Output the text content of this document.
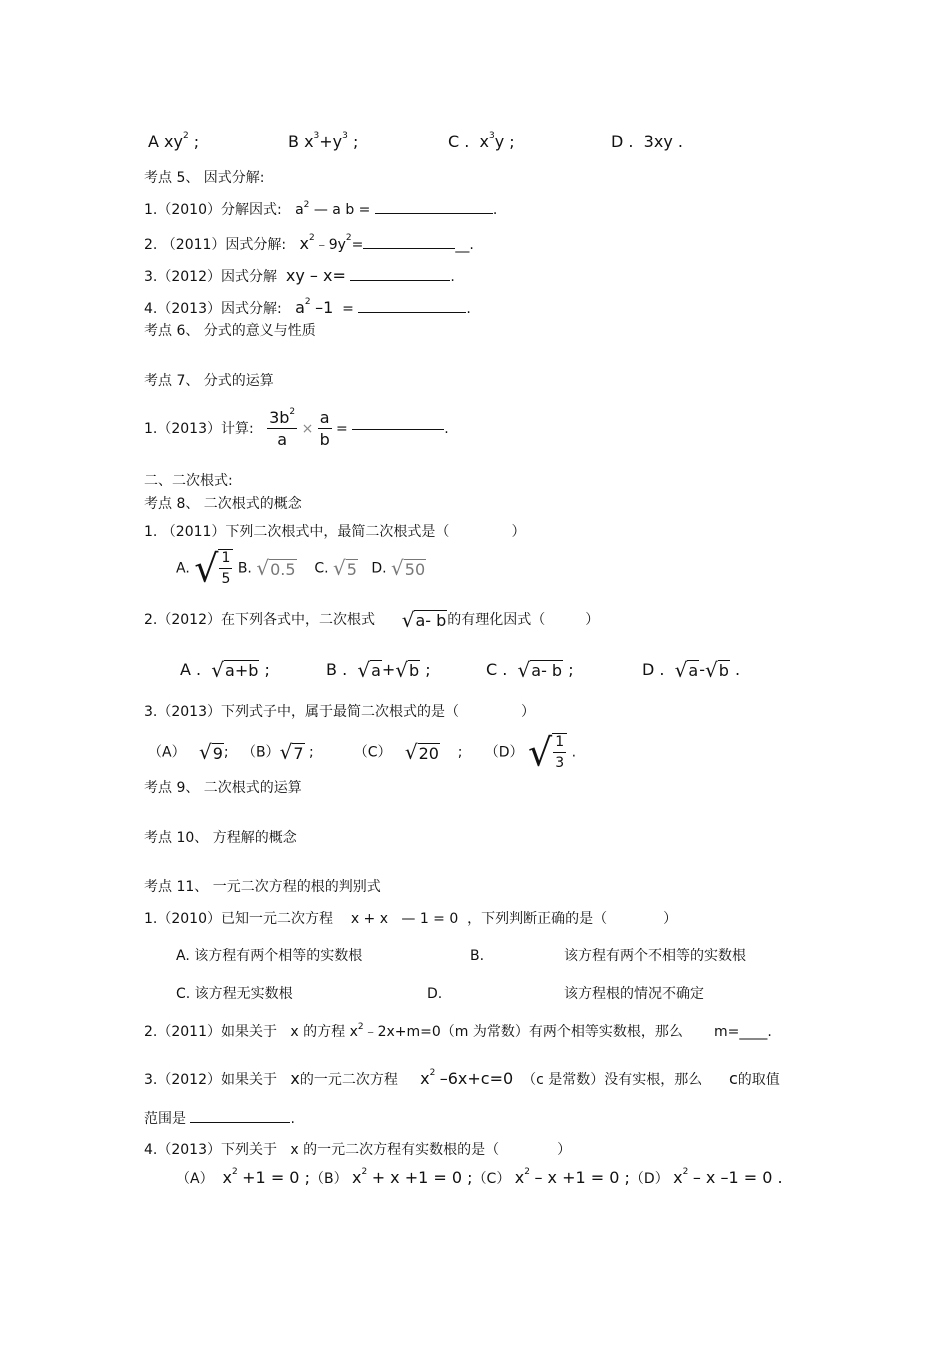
A $xy^2$ ;	B $x^3+y^3$ ;	C . $x^3y$ ;	D . 3xy .
考点 5、 因式分解:
1.（2010）分解因式: $a^2$ — a b =	.
2. （2011）因式分解: $x^2﹣9y^2=$	__.
3.（2012）因式分解 xy – x=	.
4.（2013）因式分解: $a^2$ –1 =	.
考点 6、 分式的意义与性质
考点 7、 分式的运算
1.（2013）计算: $\frac{3b^2}{a} \times \frac{a}{b}$ =	.
二、二次根式:
考点 8、 二次根式的概念
1. （2011）下列二次根式中，最简二次根式是（	）
A. √ $\frac{1}{5} B$. √0.5 C. √5 D. √50
2.（2012）在下列各式中，二次根式 √a- b的有理化因式（	）
A . √a+b ;	B . √a+√b ;	C . √a- b ;	D . √a-√b .
3.（2013）下列式子中，属于最简二次根式的是（	）
（A） √9; （B）√7 ;	（C） √20 ; （D） √ $\frac{1}{3}$ .
考点 9、 二次根式的运算
考点 10、 方程解的概念
考点 11、 一元二次方程的根的判别式
1.（2010）已知一元二次方程 x + x   — 1 = 0 ，下列判断正确的是（	）
A. 该方程有两个相等的实数根	B.	该方程有两个不相等的实数根
C. 该方程无实数根	D.	该方程根的情况不确定
2.（2011）如果关于 x 的方程 $x^2﹣2x+m=0(m$ 为常数）有两个相等实数根，那么 m=____.
3.（2012）如果关于 x的一元二次方程 $x^2$ –6x+c=0 （c 是常数）没有实根，那么 c的取值
范围是	.
4.（2013）下列关于 x 的一元二次方程有实数根的是（	）
（A） $x^2 +1 = 0$ ;（B） $x^2 + x +1 = 0$ ;（C） $x^2 - x +1 = 0$ ;（D） $x^2$ – x –1 = 0 .
